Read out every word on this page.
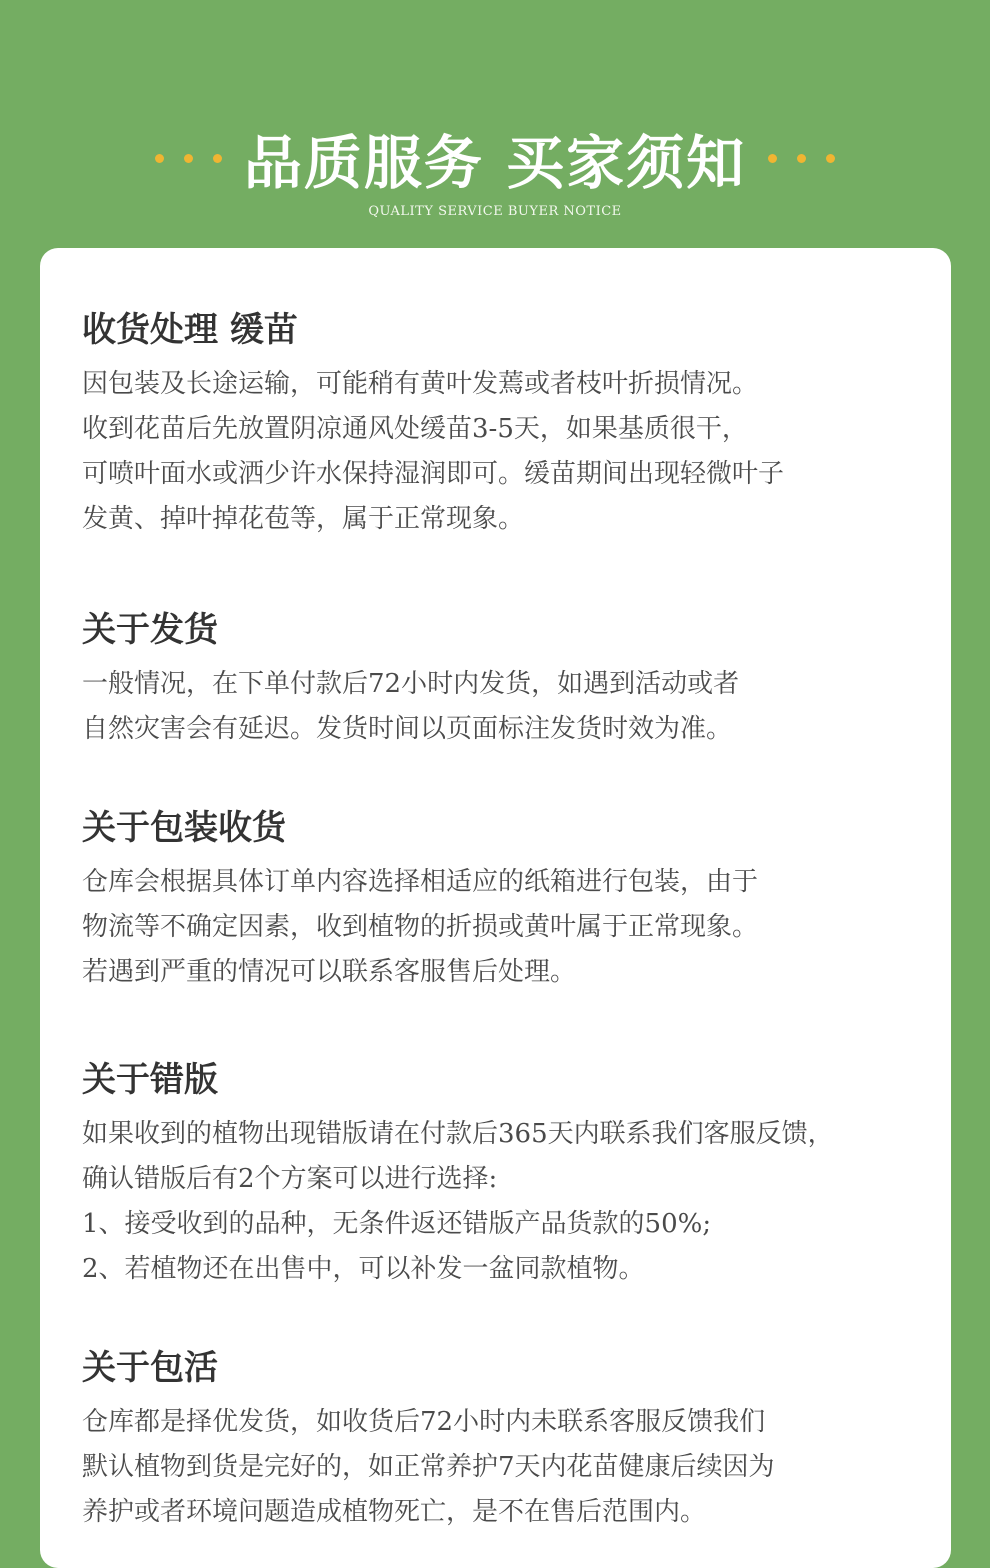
品质服务 买家须知
QUALITY SERVICE BUYER NOTICE
收货处理 缓苗
因包装及长途运输，可能稍有黄叶发蔫或者枝叶折损情况。
收到花苗后先放置阴凉通风处缓苗3-5天，如果基质很干，
可喷叶面水或洒少许水保持湿润即可。缓苗期间出现轻微叶子
发黄、掉叶掉花苞等，属于正常现象。
关于发货
一般情况，在下单付款后72小时内发货，如遇到活动或者
自然灾害会有延迟。发货时间以页面标注发货时效为准。
关于包装收货
仓库会根据具体订单内容选择相适应的纸箱进行包装，由于
物流等不确定因素，收到植物的折损或黄叶属于正常现象。
若遇到严重的情况可以联系客服售后处理。
关于错版
如果收到的植物出现错版请在付款后365天内联系我们客服反馈，
确认错版后有2个方案可以进行选择:
1、接受收到的品种，无条件返还错版产品货款的50%;
2、若植物还在出售中，可以补发一盆同款植物。
关于包活
仓库都是择优发货，如收货后72小时内未联系客服反馈我们
默认植物到货是完好的，如正常养护7天内花苗健康后续因为
养护或者环境问题造成植物死亡，是不在售后范围内。
